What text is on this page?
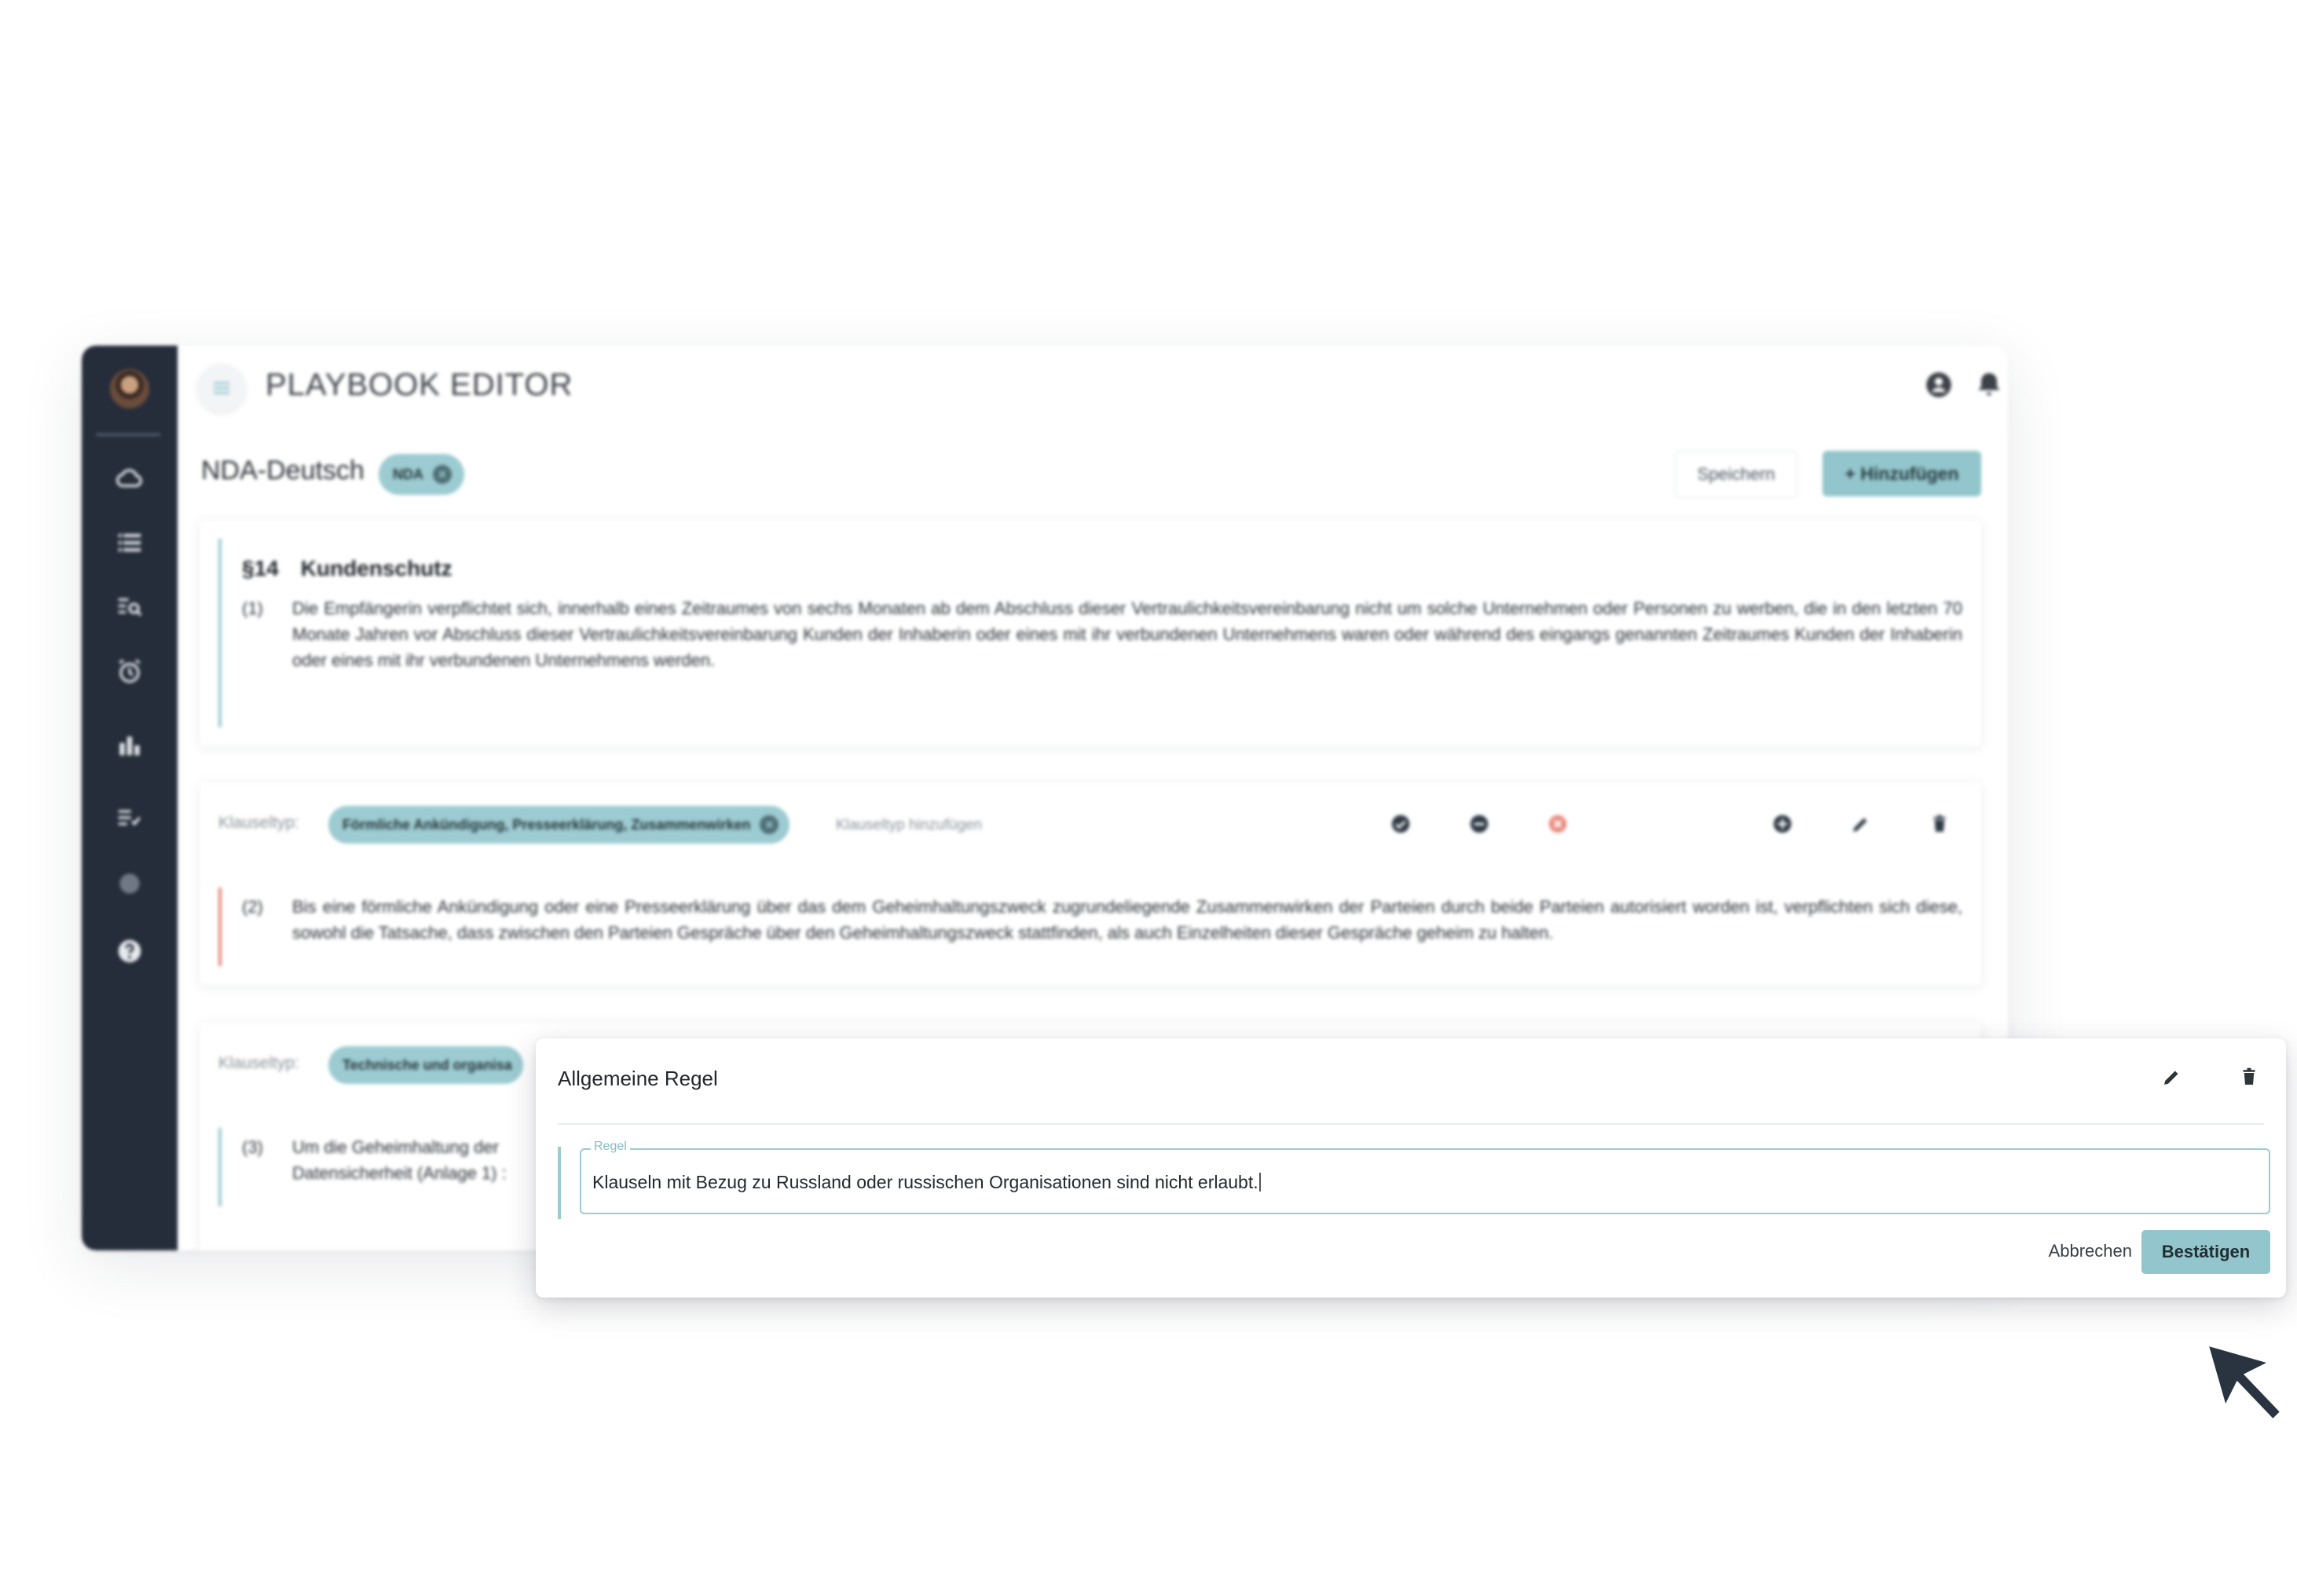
PLAYBOOK EDITOR
NDA-Deutsch NDA	×	Speichern	+ Hinzufügen
§14 Kundenschutz
(1) Die Empfängerin verpflichtet sich, innerhalb eines Zeitraumes von sechs Monaten ab dem Abschluss dieser Vertraulichkeitsvereinbarung nicht um solche Unternehmen oder Personen zu werben, die in den letzten 70 Monate Jahren vor Abschluss dieser Vertraulichkeitsvereinbarung Kunden der Inhaberin oder eines mit ihr verbundenen Unternehmens waren oder während des eingangs genannten Zeitraumes Kunden der Inhaberin oder eines mit ihr verbundenen Unternehmens werden.
Klauseltyp:	Förmliche Ankündigung, Presseerklärung, Zusammenwirken	×	Klauseltyp hinzufügen
(2) Bis eine förmliche Ankündigung oder eine Presseerklärung über das dem Geheimhaltungszweck zugrundeliegende Zusammenwirken der Parteien durch beide Parteien autorisiert worden ist, verpflichten sich diese, sowohl die Tatsache, dass zwischen den Parteien Gespräche über den Geheimhaltungszweck stattfinden, als auch Einzelheiten dieser Gespräche geheim zu halten.
Klauseltyp:	Technische und organisa
(3) Um die Geheimhaltung der
Datensicherheit (Anlage 1) :
Allgemeine Regel
Regel
Klauseln mit Bezug zu Russland oder russischen Organisationen sind nicht erlaubt.
Abbrechen	Bestätigen
